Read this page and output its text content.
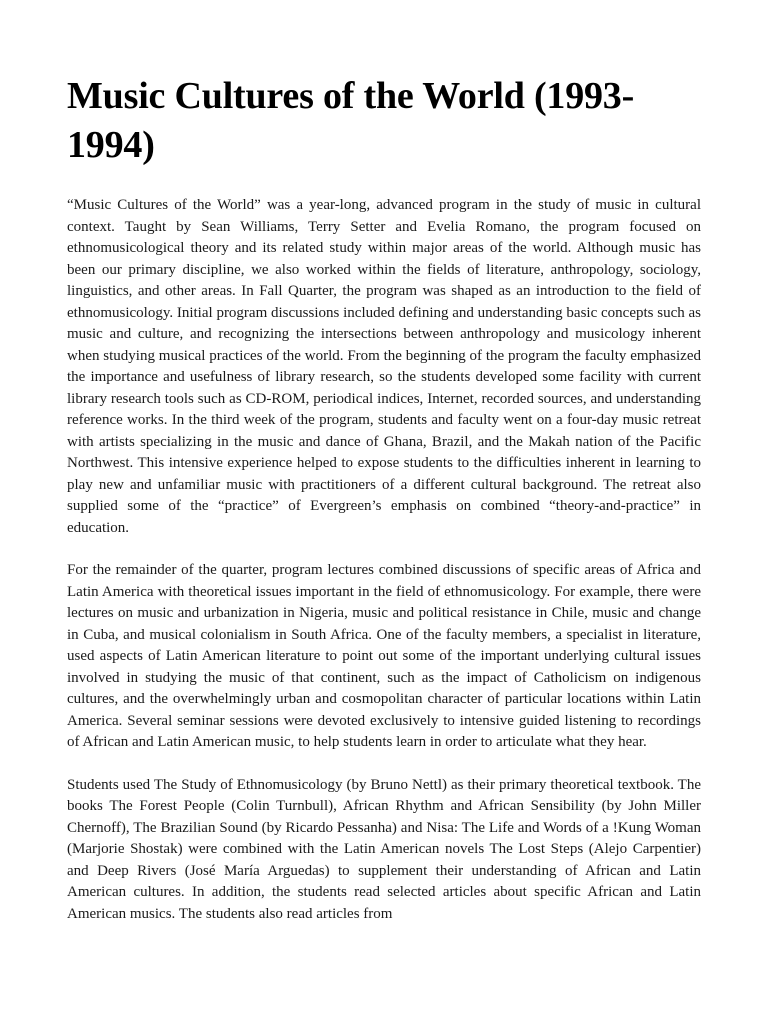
Music Cultures of the World (1993-1994)

“Music Cultures of the World” was a year-long, advanced program in the study of music in cultural context. Taught by Sean Williams, Terry Setter and Evelia Romano, the program focused on ethnomusicological theory and its related study within major areas of the world. Although music has been our primary discipline, we also worked within the fields of literature, anthropology, sociology, linguistics, and other areas. In Fall Quarter, the program was shaped as an introduction to the field of ethnomusicology. Initial program discussions included defining and understanding basic concepts such as music and culture, and recognizing the intersections between anthropology and musicology inherent when studying musical practices of the world. From the beginning of the program the faculty emphasized the importance and usefulness of library research, so the students developed some facility with current library research tools such as CD-ROM, periodical indices, Internet, recorded sources, and understanding reference works. In the third week of the program, students and faculty went on a four-day music retreat with artists specializing in the music and dance of Ghana, Brazil, and the Makah nation of the Pacific Northwest. This intensive experience helped to expose students to the difficulties inherent in learning to play new and unfamiliar music with practitioners of a different cultural background. The retreat also supplied some of the “practice” of Evergreen’s emphasis on combined “theory-and-practice” in education.

For the remainder of the quarter, program lectures combined discussions of specific areas of Africa and Latin America with theoretical issues important in the field of ethnomusicology. For example, there were lectures on music and urbanization in Nigeria, music and political resistance in Chile, music and change in Cuba, and musical colonialism in South Africa. One of the faculty members, a specialist in literature, used aspects of Latin American literature to point out some of the important underlying cultural issues involved in studying the music of that continent, such as the impact of Catholicism on indigenous cultures, and the overwhelmingly urban and cosmopolitan character of particular locations within Latin America. Several seminar sessions were devoted exclusively to intensive guided listening to recordings of African and Latin American music, to help students learn in order to articulate what they hear.

Students used The Study of Ethnomusicology (by Bruno Nettl) as their primary theoretical textbook. The books The Forest People (Colin Turnbull), African Rhythm and African Sensibility (by John Miller Chernoff), The Brazilian Sound (by Ricardo Pessanha) and Nisa: The Life and Words of a !Kung Woman (Marjorie Shostak) were combined with the Latin American novels The Lost Steps (Alejo Carpentier) and Deep Rivers (José María Arguedas) to supplement their understanding of African and Latin American cultures. In addition, the students read selected articles about specific African and Latin American musics. The students also read articles from
